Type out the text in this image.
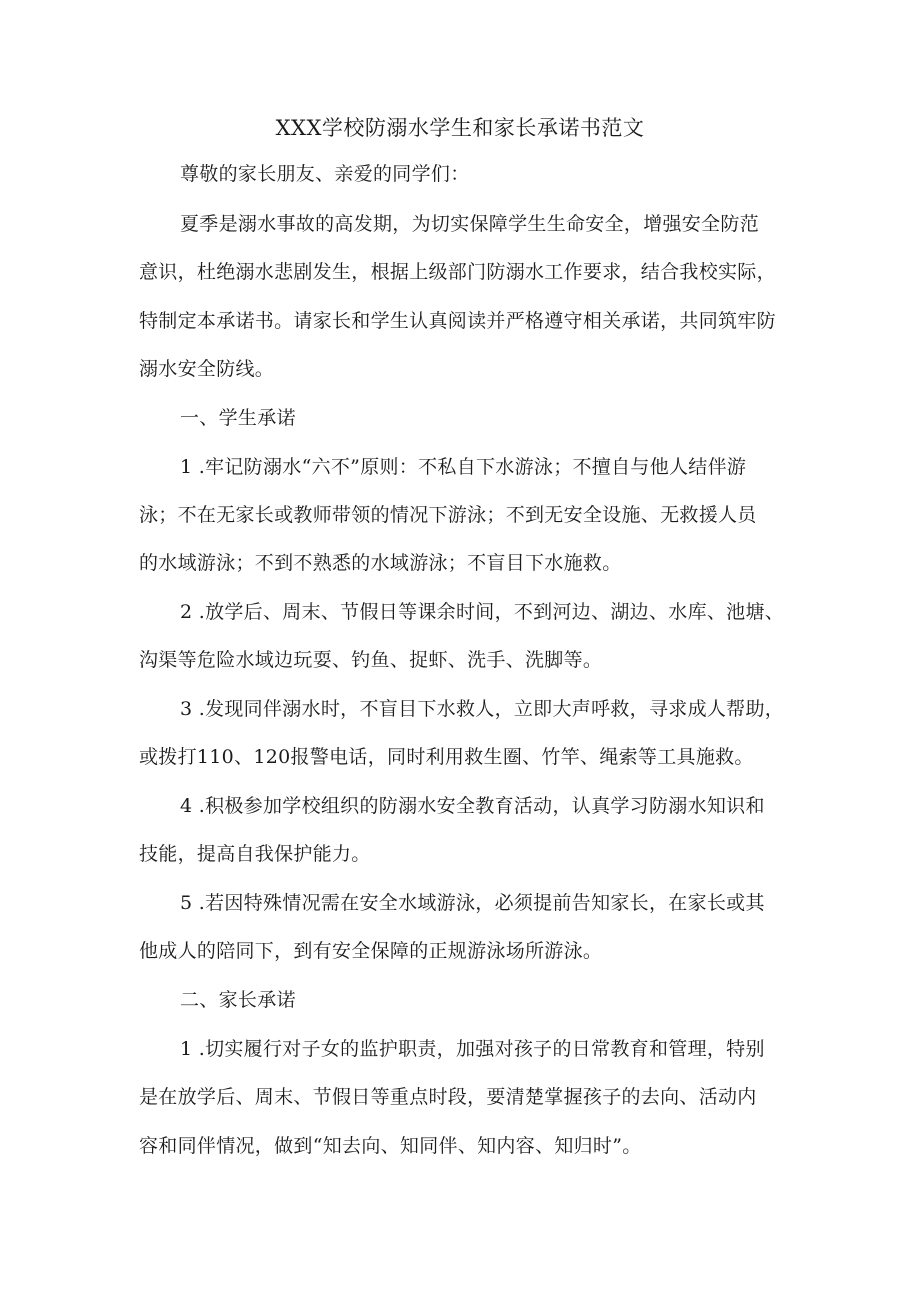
XXX学校防溺水学生和家长承诺书范文
尊敬的家长朋友、亲爱的同学们：
夏季是溺水事故的高发期，为切实保障学生生命安全，增强安全防范
意识，杜绝溺水悲剧发生，根据上级部门防溺水工作要求，结合我校实际，
特制定本承诺书。请家长和学生认真阅读并严格遵守相关承诺，共同筑牢防
溺水安全防线。
一、学生承诺
1 .牢记防溺水“六不”原则：不私自下水游泳；不擅自与他人结伴游
泳；不在无家长或教师带领的情况下游泳；不到无安全设施、无救援人员
的水域游泳；不到不熟悉的水域游泳；不盲目下水施救。
2 .放学后、周末、节假日等课余时间，不到河边、湖边、水库、池塘、
沟渠等危险水域边玩耍、钓鱼、捉虾、洗手、洗脚等。
3 .发现同伴溺水时，不盲目下水救人，立即大声呼救，寻求成人帮助，
或拨打110、120报警电话，同时利用救生圈、竹竿、绳索等工具施救。
4 .积极参加学校组织的防溺水安全教育活动，认真学习防溺水知识和
技能，提高自我保护能力。
5 .若因特殊情况需在安全水域游泳，必须提前告知家长，在家长或其
他成人的陪同下，到有安全保障的正规游泳场所游泳。
二、家长承诺
1 .切实履行对子女的监护职责，加强对孩子的日常教育和管理，特别
是在放学后、周末、节假日等重点时段，要清楚掌握孩子的去向、活动内
容和同伴情况，做到“知去向、知同伴、知内容、知归时”。
